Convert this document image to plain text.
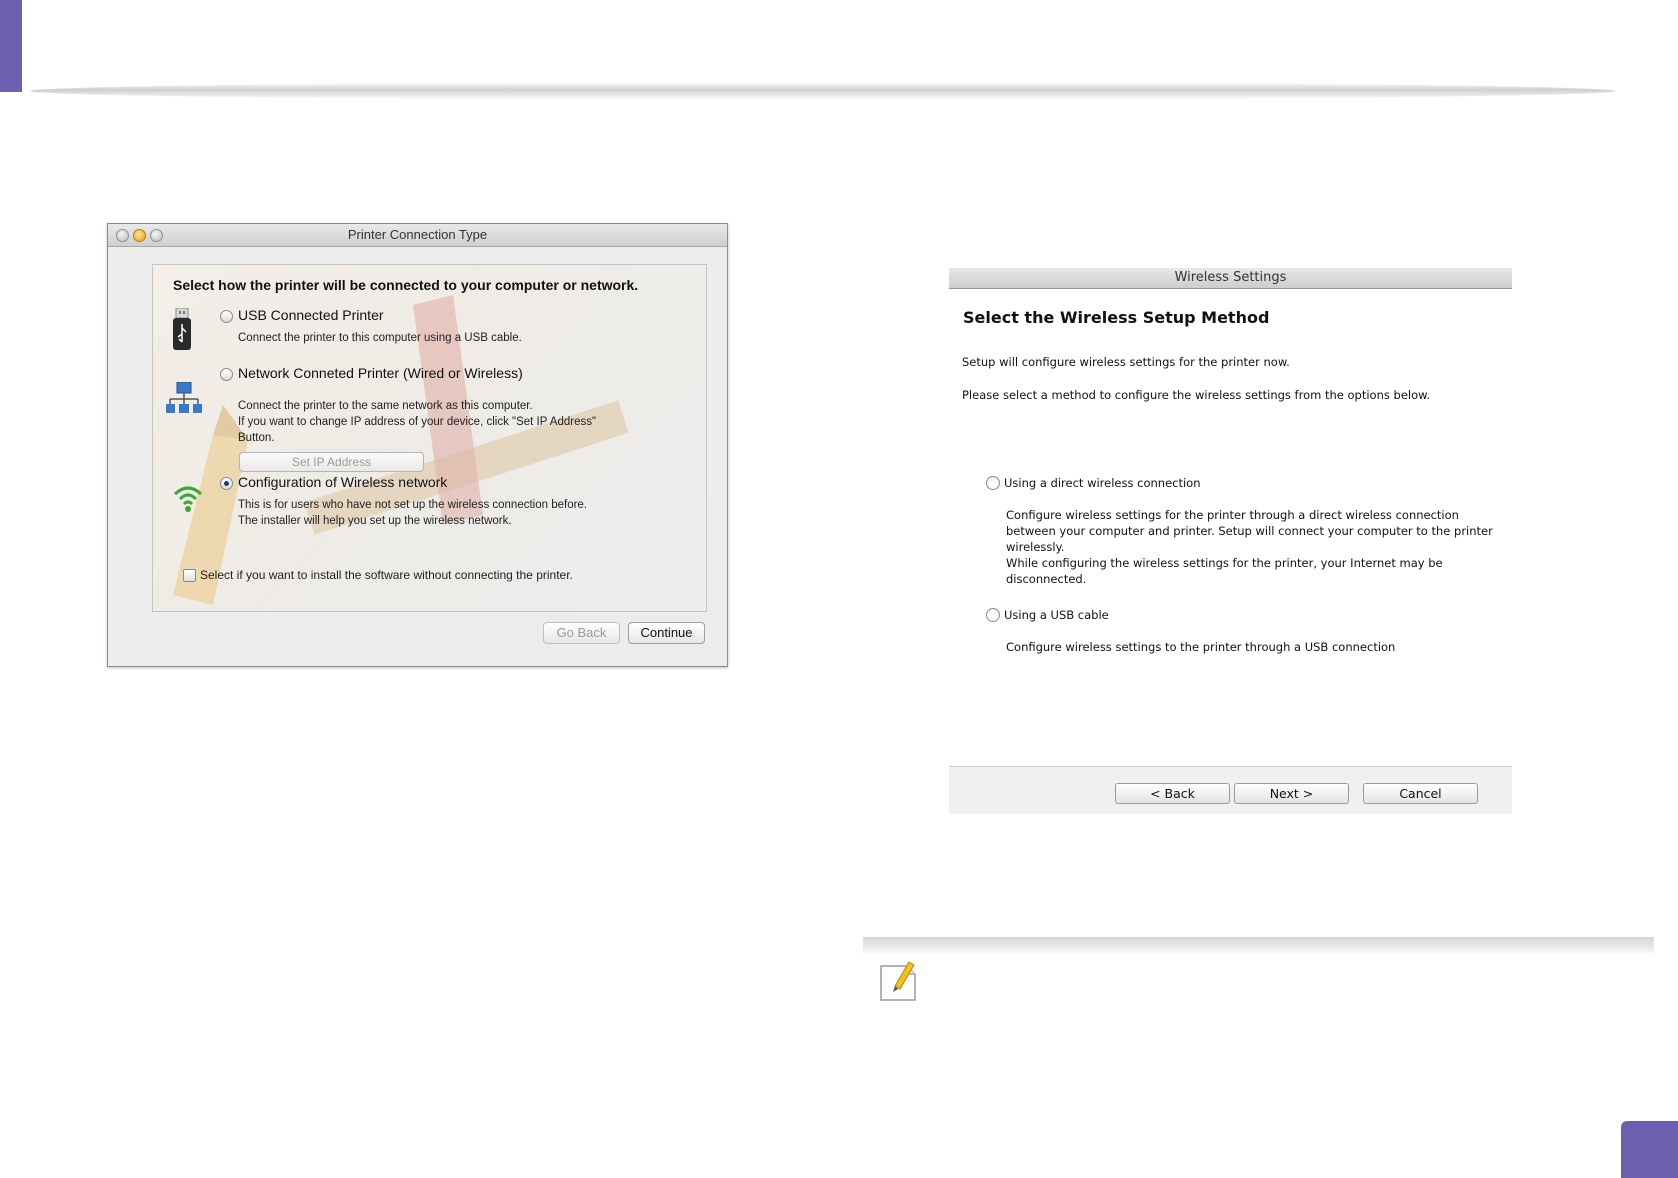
Printer Connection Type
Select how the printer will be connected to your computer or network.
USB Connected Printer
Connect the printer to this computer using a USB cable.
Network Conneted Printer (Wired or Wireless)
Connect the printer to the same network as this computer.
If you want to change IP address of your device, click "Set IP Address"
Button.
Set IP Address
Configuration of Wireless network
This is for users who have not set up the wireless connection before.
The installer will help you set up the wireless network.
Select if you want to install the software without connecting the printer.
Go Back	Continue
Wireless Settings
Select the Wireless Setup Method
Setup will configure wireless settings for the printer now.
Please select a method to configure the wireless settings from the options below.
Using a direct wireless connection
Configure wireless settings for the printer through a direct wireless connection
between your computer and printer. Setup will connect your computer to the printer
wirelessly.
While configuring the wireless settings for the printer, your Internet may be
disconnected.
Using a USB cable
Configure wireless settings to the printer through a USB connection
< Back	Next >	Cancel
